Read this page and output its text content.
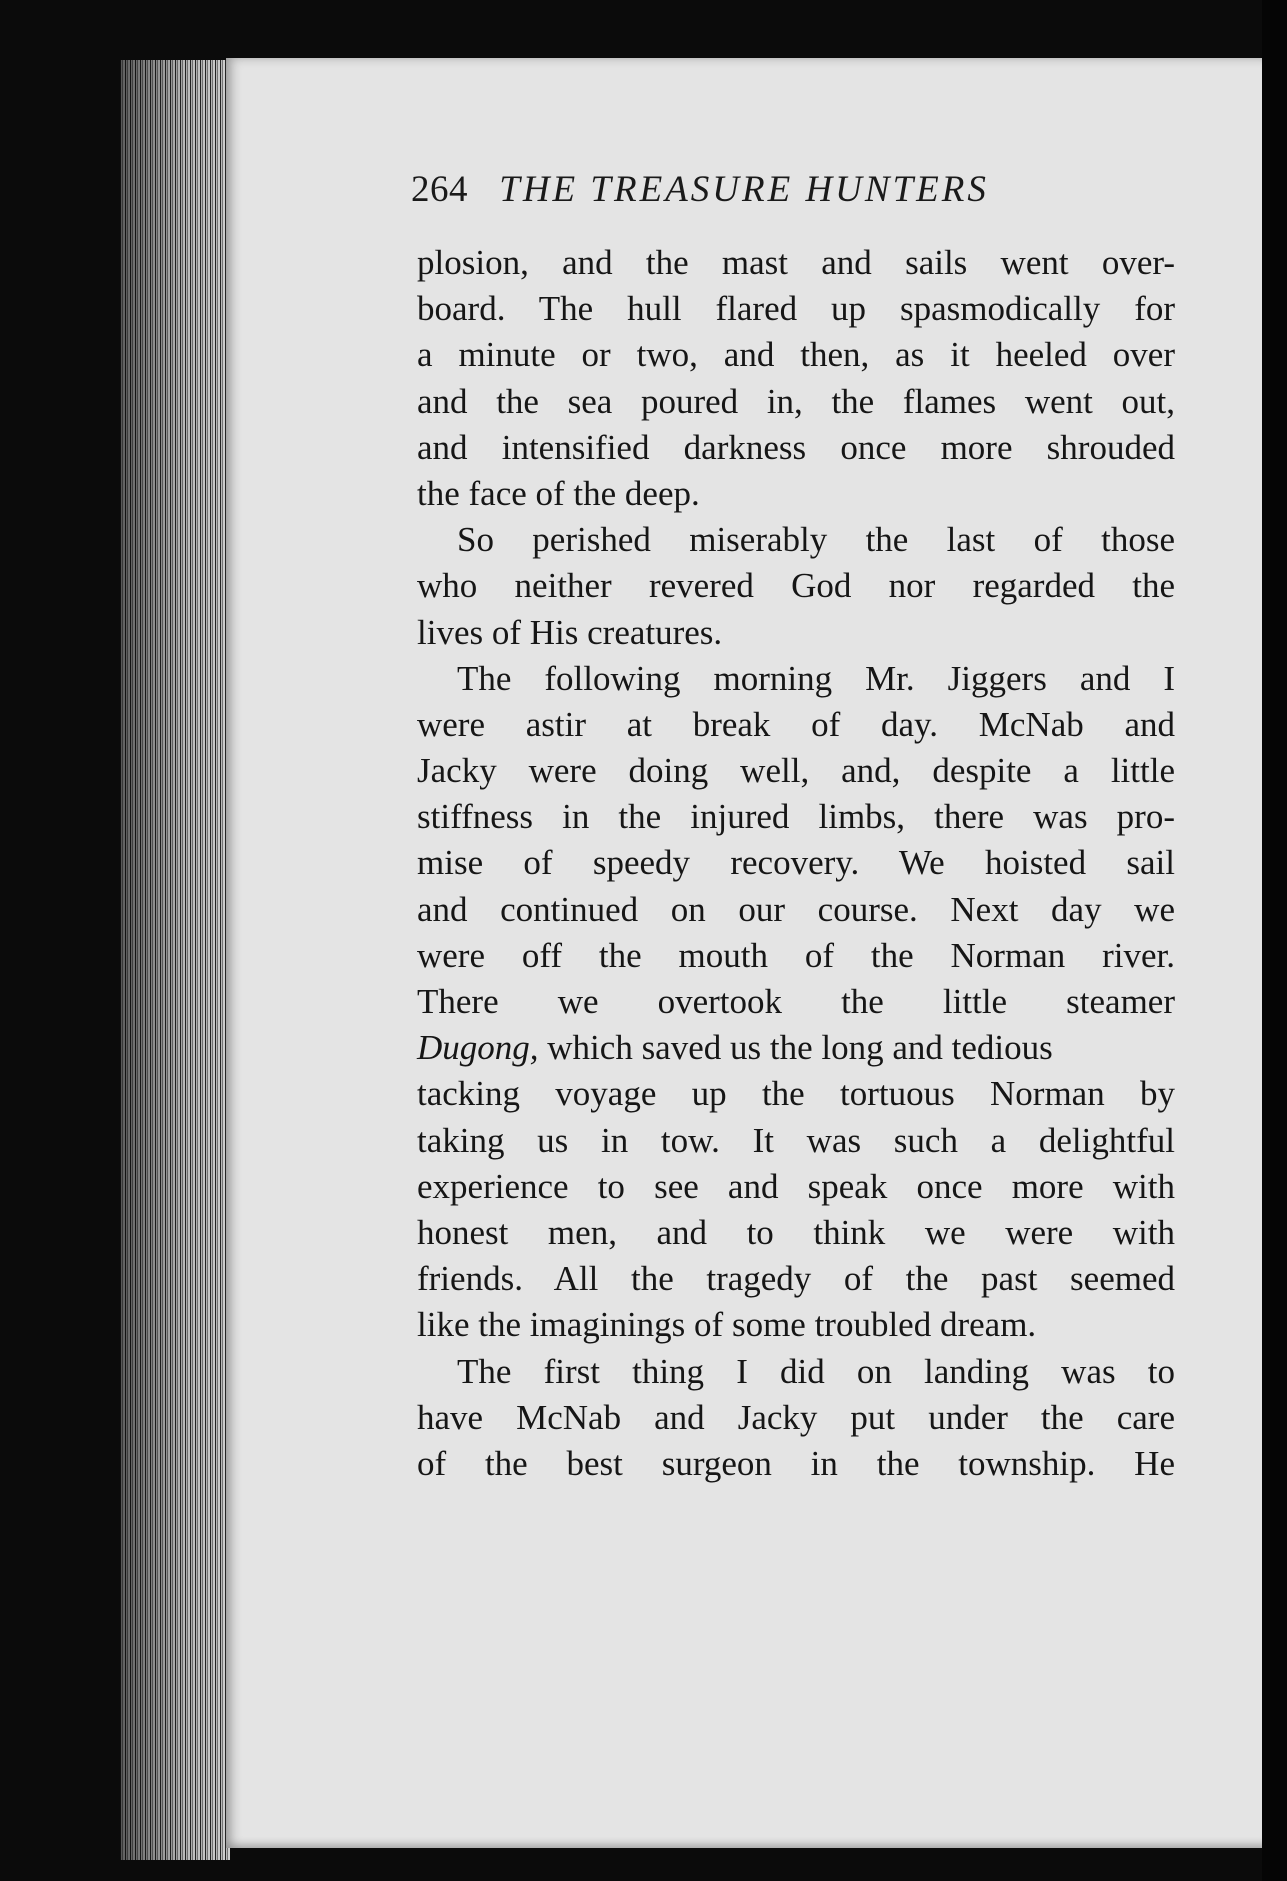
264 THE TREASURE HUNTERS
plosion, and the mast and sails went over-
board. The hull flared up spasmodically for
a minute or two, and then, as it heeled over
and the sea poured in, the flames went out,
and intensified darkness once more shrouded
the face of the deep.
So perished miserably the last of those
who neither revered God nor regarded the
lives of His creatures.
The following morning Mr. Jiggers and I
were astir at break of day. McNab and
Jacky were doing well, and, despite a little
stiffness in the injured limbs, there was pro-
mise of speedy recovery. We hoisted sail
and continued on our course. Next day we
were off the mouth of the Norman river.
There we overtook the little steamer
Dugong, which saved us the long and tedious
tacking voyage up the tortuous Norman by
taking us in tow. It was such a delightful
experience to see and speak once more with
honest men, and to think we were with
friends. All the tragedy of the past seemed
like the imaginings of some troubled dream.
The first thing I did on landing was to
have McNab and Jacky put under the care
of the best surgeon in the township. He
